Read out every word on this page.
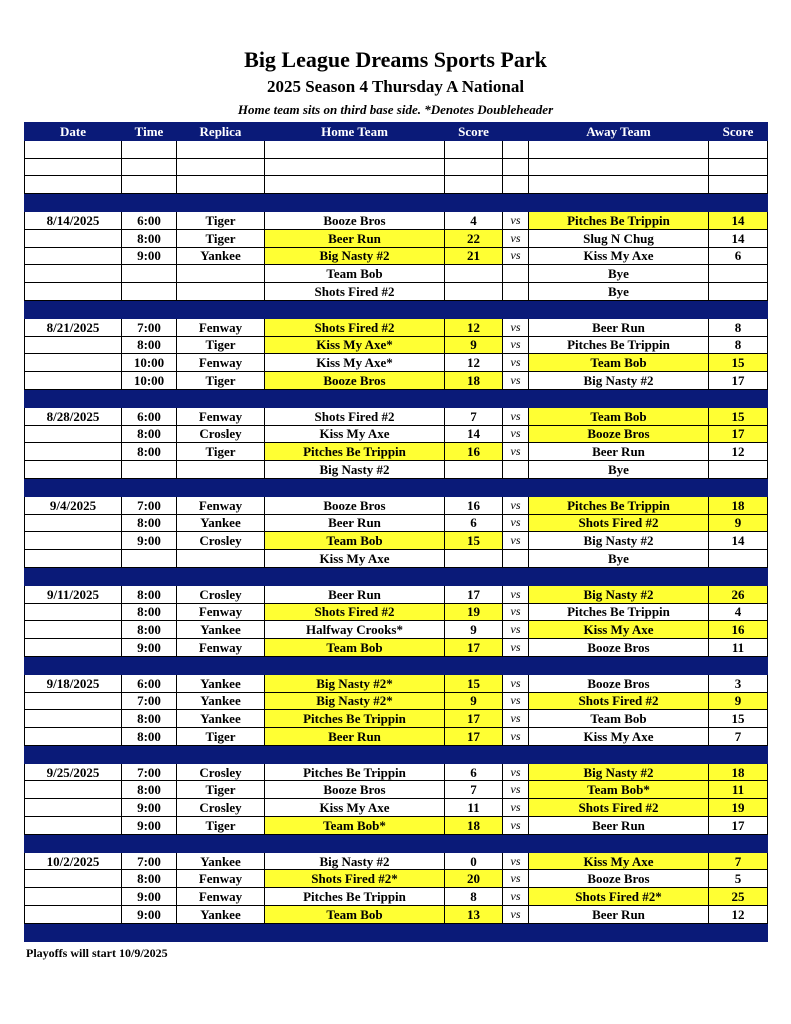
Big League Dreams Sports Park
2025 Season 4 Thursday A National
Home team sits on third base side. *Denotes Doubleheader
Date	Time	Replica	Home Team	Score		Away Team	Score

8/14/2025	6:00	Tiger	Booze Bros	4	vs	Pitches Be Trippin	14
	8:00	Tiger	Beer Run	22	vs	Slug N Chug	14
	9:00	Yankee	Big Nasty #2	21	vs	Kiss My Axe	6
			Team Bob			Bye	
			Shots Fired #2			Bye	

8/21/2025	7:00	Fenway	Shots Fired #2	12	vs	Beer Run	8
	8:00	Tiger	Kiss My Axe*	9	vs	Pitches Be Trippin	8
	10:00	Fenway	Kiss My Axe*	12	vs	Team Bob	15
	10:00	Tiger	Booze Bros	18	vs	Big Nasty #2	17

8/28/2025	6:00	Fenway	Shots Fired #2	7	vs	Team Bob	15
	8:00	Crosley	Kiss My Axe	14	vs	Booze Bros	17
	8:00	Tiger	Pitches Be Trippin	16	vs	Beer Run	12
			Big Nasty #2			Bye	

9/4/2025	7:00	Fenway	Booze Bros	16	vs	Pitches Be Trippin	18
	8:00	Yankee	Beer Run	6	vs	Shots Fired #2	9
	9:00	Crosley	Team Bob	15	vs	Big Nasty #2	14
			Kiss My Axe			Bye	

9/11/2025	8:00	Crosley	Beer Run	17	vs	Big Nasty #2	26
	8:00	Fenway	Shots Fired #2	19	vs	Pitches Be Trippin	4
	8:00	Yankee	Halfway Crooks*	9	vs	Kiss My Axe	16
	9:00	Fenway	Team Bob	17	vs	Booze Bros	11

9/18/2025	6:00	Yankee	Big Nasty #2*	15	vs	Booze Bros	3
	7:00	Yankee	Big Nasty #2*	9	vs	Shots Fired #2	9
	8:00	Yankee	Pitches Be Trippin	17	vs	Team Bob	15
	8:00	Tiger	Beer Run	17	vs	Kiss My Axe	7

9/25/2025	7:00	Crosley	Pitches Be Trippin	6	vs	Big Nasty #2	18
	8:00	Tiger	Booze Bros	7	vs	Team Bob*	11
	9:00	Crosley	Kiss My Axe	11	vs	Shots Fired #2	19
	9:00	Tiger	Team Bob*	18	vs	Beer Run	17

10/2/2025	7:00	Yankee	Big Nasty #2	0	vs	Kiss My Axe	7
	8:00	Fenway	Shots Fired #2*	20	vs	Booze Bros	5
	9:00	Fenway	Pitches Be Trippin	8	vs	Shots Fired #2*	25
	9:00	Yankee	Team Bob	13	vs	Beer Run	12

Playoffs will start 10/9/2025
